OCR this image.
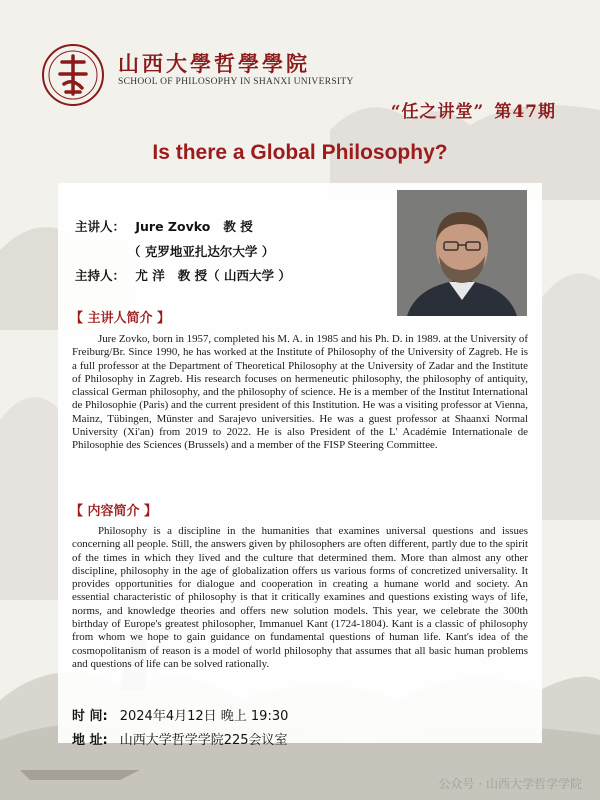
山西大學哲學學院
SCHOOL OF PHILOSOPHY IN SHANXI UNIVERSITY
“任之讲堂” 第47期
Is there a Global Philosophy?
主讲人： Jure Zovko   教 授
（ 克罗地亚扎达尔大学 ）
主持人： 尤 洋   教 授（ 山西大学 ）
【 主讲人简介 】
Jure Zovko, born in 1957, completed his M. A. in 1985 and his Ph. D. in 1989. at the University of Freiburg/Br. Since 1990, he has worked at the Institute of Philosophy of the University of Zagreb. He is a full professor at the Department of Theoretical Philosophy at the University of Zadar and the Institute of Philosophy in Zagreb. His research focuses on hermeneutic philosophy, the philosophy of antiquity, classical German philosophy, and the philosophy of science. He is a member of the Institut International de Philosophie (Paris) and the current president of this Institution. He was a visiting professor at Vienna, Mainz, Tübingen, Münster and Sarajevo universities. He was a guest professor at Shaanxi Normal University (Xi'an) from 2019 to 2022. He is also President of the L' Académie Internationale de Philosophie des Sciences (Brussels) and a member of the FISP Steering Committee.
【 内容简介 】
Philosophy is a discipline in the humanities that examines universal questions and issues concerning all people. Still, the answers given by philosophers are often different, partly due to the spirit of the times in which they lived and the culture that determined them. More than almost any other discipline, philosophy in the age of globalization offers us various forms of concretized universality. It provides opportunities for dialogue and cooperation in creating a humane world and society. An essential characteristic of philosophy is that it critically examines and questions existing ways of life, norms, and knowledge theories and offers new solution models. This year, we celebrate the 300th birthday of Europe's greatest philosopher, Immanuel Kant (1724-1804). Kant is a classic of philosophy from whom we hope to gain guidance on fundamental questions of human life. Kant's idea of the cosmopolitanism of reason is a model of world philosophy that assumes that all basic human problems and questions of life can be solved rationally.
时 间: 2024年4月12日 晚上 19:30
地 址: 山西大学哲学学院225会议室
公众号 · 山西大学哲学学院
